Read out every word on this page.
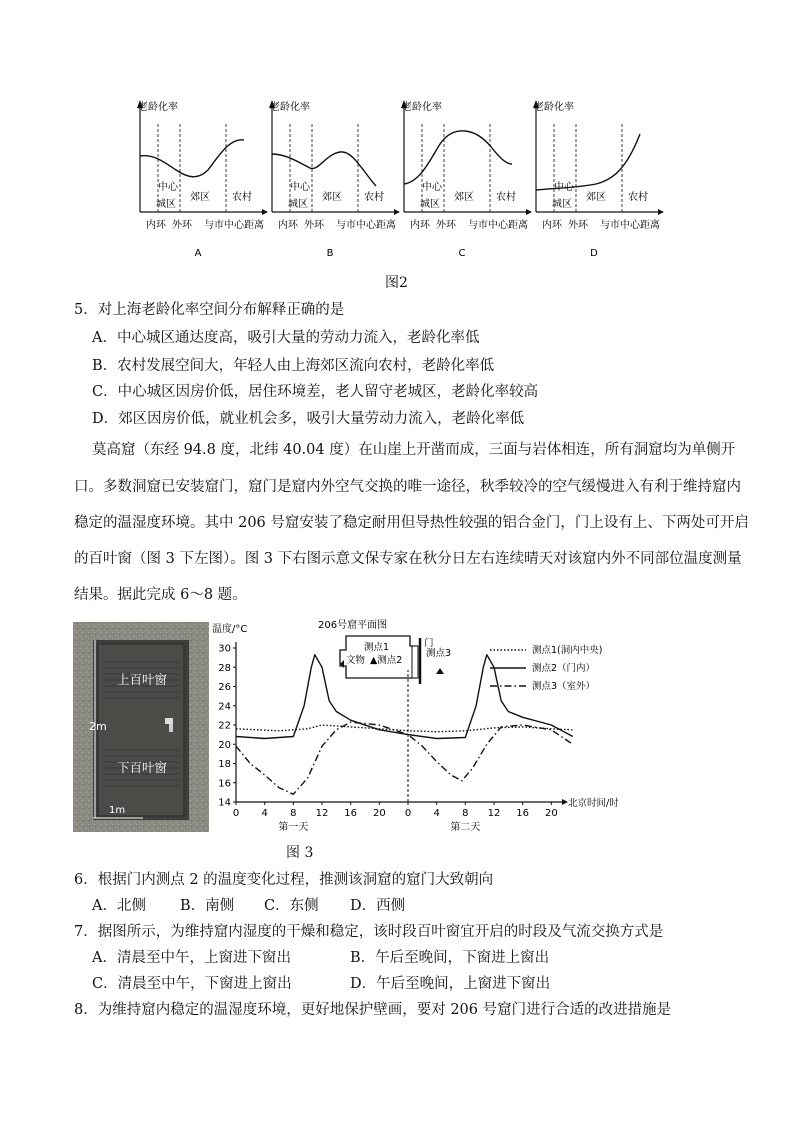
老龄化率
中心
城区
郊区 农村
内环 外环 与市中心距离
A
老龄化率
中心
城区
郊区 农村
内环 外环 与市中心距离
B
老龄化率
中心
城区
郊区 农村
内环 外环 与市中心距离
C
老龄化率
中心
城区
郊区 农村
内环 外环 与市中心距离
D
图2
5．对上海老龄化率空间分布解释正确的是
A．中心城区通达度高，吸引大量的劳动力流入，老龄化率低
B．农村发展空间大，年轻人由上海郊区流向农村，老龄化率低
C．中心城区因房价低，居住环境差，老人留守老城区，老龄化率较高
D．郊区因房价低，就业机会多，吸引大量劳动力流入，老龄化率低
莫高窟（东经 94.8 度，北纬 40.04 度）在山崖上开凿而成，三面与岩体相连，所有洞窟均为单侧开
口。多数洞窟已安装窟门，窟门是窟内外空气交换的唯一途径，秋季较冷的空气缓慢进入有利于维持窟内
稳定的温湿度环境。其中 206 号窟安装了稳定耐用但导热性较强的铝合金门，门上设有上、下两处可开启
的百叶窗（图 3 下左图）。图 3 下右图示意文保专家在秋分日左右连续晴天对该窟内外不同部位温度测量
结果。据此完成 6～8 题。
上百叶窗
下百叶窗
2m
1m
温度/°C
北京时间/时
14
16
18
20
22
24
26
28
30
0 4 8 12 16 20 0 4 8 12 16 20
第一天	第二天
测点1(洞内中央)
测点2（门内）
测点3（室外）
206号窟平面图
测点1
▲测点2
文物
门
测点3
图 3
6．根据门内测点 2 的温度变化过程，推测该洞窟的窟门大致朝向
A．北侧 B．南侧 C．东侧 D．西侧
7．据图所示，为维持窟内湿度的干燥和稳定，该时段百叶窗宜开启的时段及气流交换方式是
A．清晨至中午，上窗进下窗出	B．午后至晚间，下窗进上窗出
C．清晨至中午，下窗进上窗出	D．午后至晚间，上窗进下窗出
8．为维持窟内稳定的温湿度环境，更好地保护壁画，要对 206 号窟门进行合适的改进措施是
